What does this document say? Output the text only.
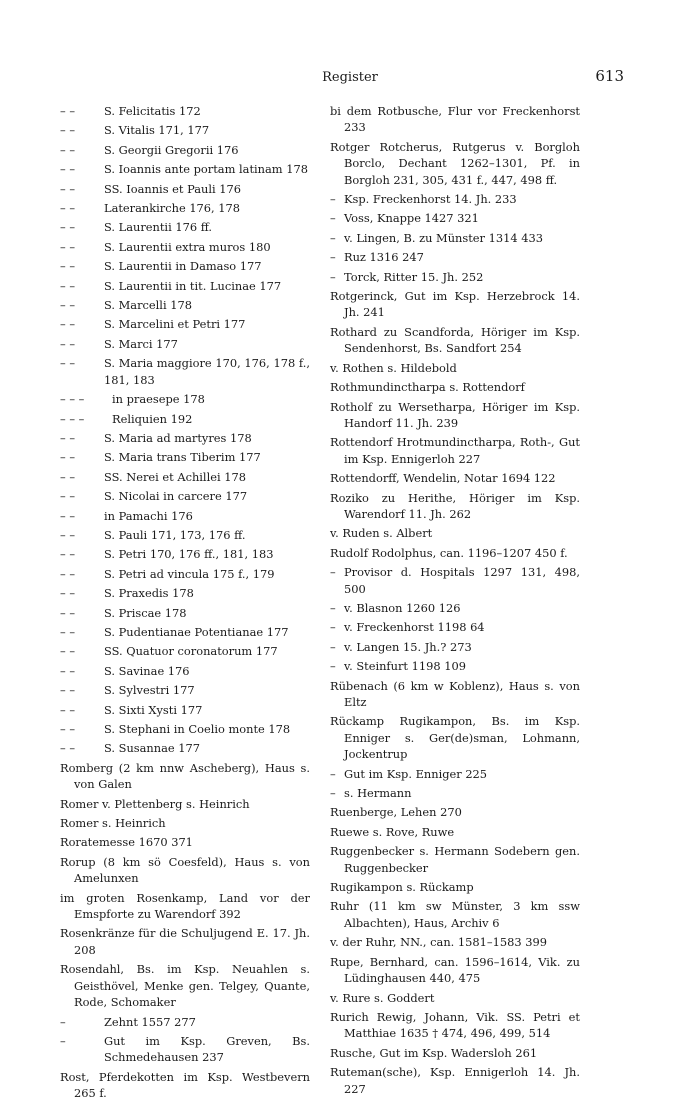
Register	613

– –	S. Felicitatis 172

– –	S. Vitalis 171, 177

– –	S. Georgii Gregorii 176

– –	S. Ioannis ante portam latinam 178

– –	SS. Ioannis et Pauli 176

– –	Laterankirche 176, 178

– –	S. Laurentii 176 ff.

– –	S. Laurentii extra muros 180

– –	S. Laurentii in Damaso 177

– –	S. Laurentii in tit. Lucinae 177

– –	S. Marcelli 178

– –	S. Marcelini et Petri 177

– –	S. Marci 177

– –	S. Maria maggiore 170, 176, 178 f., 181, 183

– – – in praesepe 178

– – – Reliquien 192

– –	S. Maria ad martyres 178

– –	S. Maria trans Tiberim 177

– –	SS. Nerei et Achillei 178

– –	S. Nicolai in carcere 177

– –	in Pamachi 176

– –	S. Pauli 171, 173, 176 ff.

– –	S. Petri 170, 176 ff., 181, 183

– –	S. Petri ad vincula 175 f., 179

– –	S. Praxedis 178

– –	S. Priscae 178

– –	S. Pudentianae Potentianae 177

– –	SS. Quatuor coronatorum 177

– –	S. Savinae 176

– –	S. Sylvestri 177

– –	S. Sixti Xysti 177

– –	S. Stephani in Coelio monte 178

– –	S. Susannae 177

Romberg (2 km nnw Ascheberg), Haus s. von Galen

Romer v. Plettenberg s. Heinrich

Romer s. Heinrich

Roratemesse 1670 371

Rorup (8 km sö Coesfeld), Haus s. von Amelunxen

im groten Rosenkamp, Land vor der Emspforte zu Warendorf 392

Rosenkränze für die Schuljugend E. 17. Jh. 208

Rosendahl, Bs. im Ksp. Neuahlen s. Geisthövel, Menke gen. Telgey, Quante, Rode, Schomaker

–	Zehnt 1557 277

–	Gut im Ksp. Greven, Bs. Schmedehausen 237

Rost, Pferdekotten im Ksp. Westbevern 265 f.

bi dem Rotbusche, Flur vor Freckenhorst 233

Rotger Rotcherus, Rutgerus v. Borgloh Borclo, Dechant 1262–1301, Pf. in Borgloh 231, 305, 431 f., 447, 498 ff.

– Ksp. Freckenhorst 14. Jh. 233

– Voss, Knappe 1427 321

– v. Lingen, B. zu Münster 1314 433

– Ruz 1316 247

– Torck, Ritter 15. Jh. 252

Rotgerinck, Gut im Ksp. Herzebrock 14. Jh. 241

Rothard zu Scandforda, Höriger im Ksp. Sendenhorst, Bs. Sandfort 254

v. Rothen s. Hildebold

Rothmundinctharpa s. Rottendorf

Rotholf zu Wersetharpa, Höriger im Ksp. Handorf 11. Jh. 239

Rottendorf Hrotmundinctharpa, Roth-, Gut im Ksp. Ennigerloh 227

Rottendorff, Wendelin, Notar 1694 122

Roziko zu Herithe, Höriger im Ksp. Warendorf 11. Jh. 262

v. Ruden s. Albert

Rudolf Rodolphus, can. 1196–1207 450 f.

– Provisor d. Hospitals 1297 131, 498, 500

– v. Blasnon 1260 126

– v. Freckenhorst 1198 64

– v. Langen 15. Jh.? 273

– v. Steinfurt 1198 109

Rübenach (6 km w Koblenz), Haus s. von Eltz

Rückamp Rugikampon, Bs. im Ksp. Enniger s. Ger(de)sman, Lohmann, Jockentrup

– Gut im Ksp. Enniger 225

– s. Hermann

Ruenberge, Lehen 270

Ruewe s. Rove, Ruwe

Ruggenbecker s. Hermann Sodebern gen. Ruggenbecker

Rugikampon s. Rückamp

Ruhr (11 km sw Münster, 3 km ssw Albachten), Haus, Archiv 6

v. der Ruhr, NN., can. 1581–1583 399

Rupe, Bernhard, can. 1596–1614, Vik. zu Lüdinghausen 440, 475

v. Rure s. Goddert

Rurich Rewig, Johann, Vik. SS. Petri et Matthiae 1635 † 474, 496, 499, 514

Rusche, Gut im Ksp. Wadersloh 261

Ruteman(sche), Ksp. Ennigerloh 14. Jh. 227
